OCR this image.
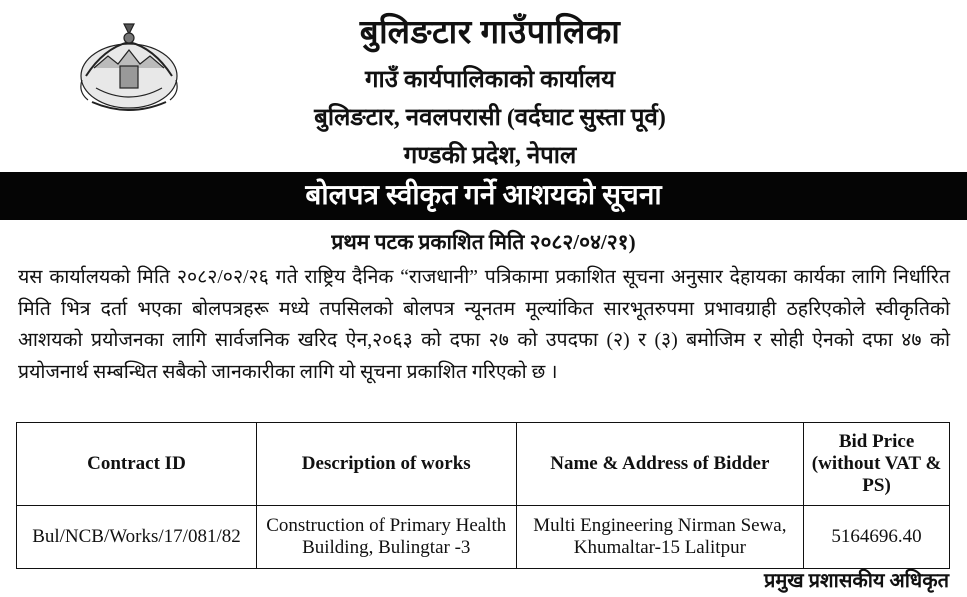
बुलिङटार गाउँपालिका
गाउँ कार्यपालिकाको कार्यालय
बुलिङटार, नवलपरासी (वर्दघाट सुस्ता पूर्व)
गण्डकी प्रदेश, नेपाल
बोलपत्र स्वीकृत गर्ने आशयको सूचना
प्रथम पटक प्रकाशित मिति २०८२/०४/२१)
यस कार्यालयको मिति २०८२/०२/२६ गते राष्ट्रिय दैनिक “राजधानी” पत्रिकामा प्रकाशित सूचना अनुसार देहायका कार्यका लागि निर्धारित मिति भित्र दर्ता भएका बोलपत्रहरू मध्ये तपसिलको बोलपत्र न्यूनतम मूल्यांकित सारभूतरुपमा प्रभावग्राही ठहरिएकोले स्वीकृतिको आशयको प्रयोजनका लागि सार्वजनिक खरिद ऐन,२०६३ को दफा २७ को उपदफा (२) र (३) बमोजिम र सोही ऐनको दफा ४७ को प्रयोजनार्थ सम्बन्धित सबैको जानकारीका लागि यो सूचना प्रकाशित गरिएको छ ।
Contract ID	Description of works	Name & Address of Bidder	Bid Price (without VAT & PS)
Bul/NCB/Works/17/081/82	Construction of Primary Health Building, Bulingtar -3	Multi Engineering Nirman Sewa, Khumaltar-15 Lalitpur	5164696.40
प्रमुख प्रशासकीय अधिकृत
